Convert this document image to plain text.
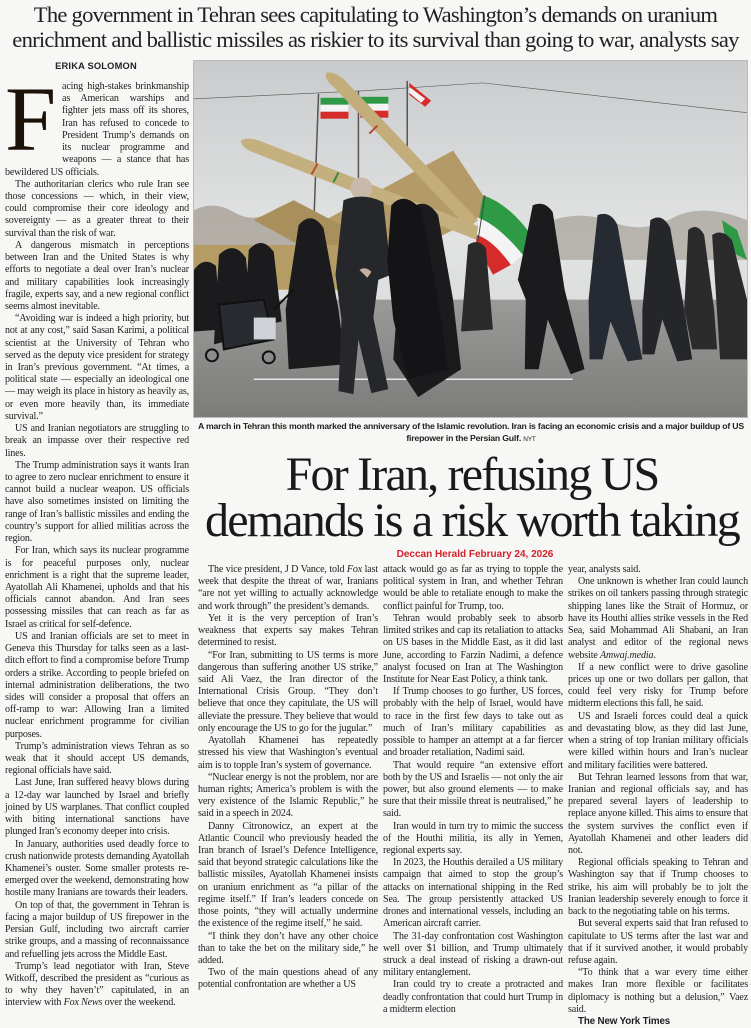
The government in Tehran sees capitulating to Washington’s demands on uranium
enrichment and ballistic missiles as riskier to its survival than going to war, analysts say
ERIKA SOLOMON

Facing high-stakes brinkmanship as American warships and fighter jets mass off its shores, Iran has refused to concede to President Trump’s demands on its nuclear programme and weapons — a stance that has bewildered US officials.

The authoritarian clerics who rule Iran see those concessions — which, in their view, could compromise their core ideology and sovereignty — as a greater threat to their survival than the risk of war.

A dangerous mismatch in perceptions between Iran and the United States is why efforts to negotiate a deal over Iran’s nuclear and military capabilities look increasingly fragile, experts say, and a new regional conflict seems almost inevitable.

“Avoiding war is indeed a high priority, but not at any cost,” said Sasan Karimi, a political scientist at the University of Tehran who served as the deputy vice president for strategy in Iran’s previous government. “At times, a political state — especially an ideological one — may weigh its place in history as heavily as, or even more heavily than, its immediate survival.”

US and Iranian negotiators are struggling to break an impasse over their respective red lines.

The Trump administration says it wants Iran to agree to zero nuclear enrichment to ensure it cannot build a nuclear weapon. US officials have also sometimes insisted on limiting the range of Iran’s ballistic missiles and ending the country’s support for allied militias across the region.

For Iran, which says its nuclear programme is for peaceful purposes only, nuclear enrichment is a right that the supreme leader, Ayatollah Ali Khamenei, upholds and that his officials cannot abandon. And Iran sees possessing missiles that can reach as far as Israel as critical for self-defence.

US and Iranian officials are set to meet in Geneva this Thursday for talks seen as a last-ditch effort to find a compromise before Trump orders a strike. According to people briefed on internal administration deliberations, the two sides will consider a proposal that offers an off-ramp to war: Allowing Iran a limited nuclear enrichment programme for civilian purposes.

Trump’s administration views Tehran as so weak that it should accept US demands, regional officials have said.

Last June, Iran suffered heavy blows during a 12-day war launched by Israel and briefly joined by US warplanes. That conflict coupled with biting international sanctions have plunged Iran’s economy deeper into crisis.

In January, authorities used deadly force to crush nationwide protests demanding Ayatollah Khamenei’s ouster. Some smaller protests re-emerged over the weekend, demonstrating how hostile many Iranians are towards their leaders.

On top of that, the government in Tehran is facing a major buildup of US firepower in the Persian Gulf, including two aircraft carrier strike groups, and a massing of reconnaissance and refuelling jets across the Middle East.

Trump’s lead negotiator with Iran, Steve Witkoff, described the president as “curious as to why they haven’t” capitulated, in an interview with Fox News over the weekend.

A march in Tehran this month marked the anniversary of the Islamic revolution. Iran is facing an economic crisis and a major buildup of US firepower in the Persian Gulf. NYT
For Iran, refusing US
demands is a risk worth taking
Deccan Herald February 24, 2026

The vice president, J D Vance, told Fox last week that despite the threat of war, Iranians “are not yet willing to actually acknowledge and work through” the president’s demands.

Yet it is the very perception of Iran’s weakness that experts say makes Tehran determined to resist.

“For Iran, submitting to US terms is more dangerous than suffering another US strike,” said Ali Vaez, the Iran director of the International Crisis Group. “They don’t believe that once they capitulate, the US will alleviate the pressure. They believe that would only encourage the US to go for the jugular.”

Ayatollah Khamenei has repeatedly stressed his view that Washington’s eventual aim is to topple Iran’s system of governance.

“Nuclear energy is not the problem, nor are human rights; America’s problem is with the very existence of the Islamic Republic,” he said in a speech in 2024.

Danny Citronowicz, an expert at the Atlantic Council who previously headed the Iran branch of Israel’s Defence Intelligence, said that beyond strategic calculations like the ballistic missiles, Ayatollah Khamenei insists on uranium enrichment as “a pillar of the regime itself.” If Iran’s leaders concede on those points, “they will actually undermine the existence of the regime itself,” he said.

“I think they don’t have any other choice than to take the bet on the military side,” he added.

Two of the main questions ahead of any potential confrontation are whether a US

attack would go as far as trying to topple the political system in Iran, and whether Tehran would be able to retaliate enough to make the conflict painful for Trump, too.

Tehran would probably seek to absorb limited strikes and cap its retaliation to attacks on US bases in the Middle East, as it did last June, according to Farzin Nadimi, a defence analyst focused on Iran at The Washington Institute for Near East Policy, a think tank.

If Trump chooses to go further, US forces, probably with the help of Israel, would have to race in the first few days to take out as much of Iran’s military capabilities as possible to hamper an attempt at a far fiercer and broader retaliation, Nadimi said.

That would require “an extensive effort both by the US and Israelis — not only the air power, but also ground elements — to make sure that their missile threat is neutralised,” he said.

Iran would in turn try to mimic the success of the Houthi militia, its ally in Yemen, regional experts say.

In 2023, the Houthis derailed a US military campaign that aimed to stop the group’s attacks on international shipping in the Red Sea. The group persistently attacked US drones and international vessels, including an American aircraft carrier.

The 31-day confrontation cost Washington well over $1 billion, and Trump ultimately struck a deal instead of risking a drawn-out military entanglement.

Iran could try to create a protracted and deadly confrontation that could hurt Trump in a midterm election

year, analysts said.

One unknown is whether Iran could launch strikes on oil tankers passing through strategic shipping lanes like the Strait of Hormuz, or have its Houthi allies strike vessels in the Red Sea, said Mohammad Ali Shabani, an Iran analyst and editor of the regional news website Amwaj.media.

If a new conflict were to drive gasoline prices up one or two dollars per gallon, that could feel very risky for Trump before midterm elections this fall, he said.

US and Israeli forces could deal a quick and devastating blow, as they did last June, when a string of top Iranian military officials were killed within hours and Iran’s nuclear and military facilities were battered.

But Tehran learned lessons from that war, Iranian and regional officials say, and has prepared several layers of leadership to replace anyone killed. This aims to ensure that the system survives the conflict even if Ayatollah Khamenei and other leaders did not.

Regional officials speaking to Tehran and Washington say that if Trump chooses to strike, his aim will probably be to jolt the Iranian leadership severely enough to force it back to the negotiating table on his terms.

But several experts said that Iran refused to capitulate to US terms after the last war and that if it survived another, it would probably refuse again.

“To think that a war every time either makes Iran more flexible or facilitates diplomacy is nothing but a delusion,” Vaez said.

The New York Times
